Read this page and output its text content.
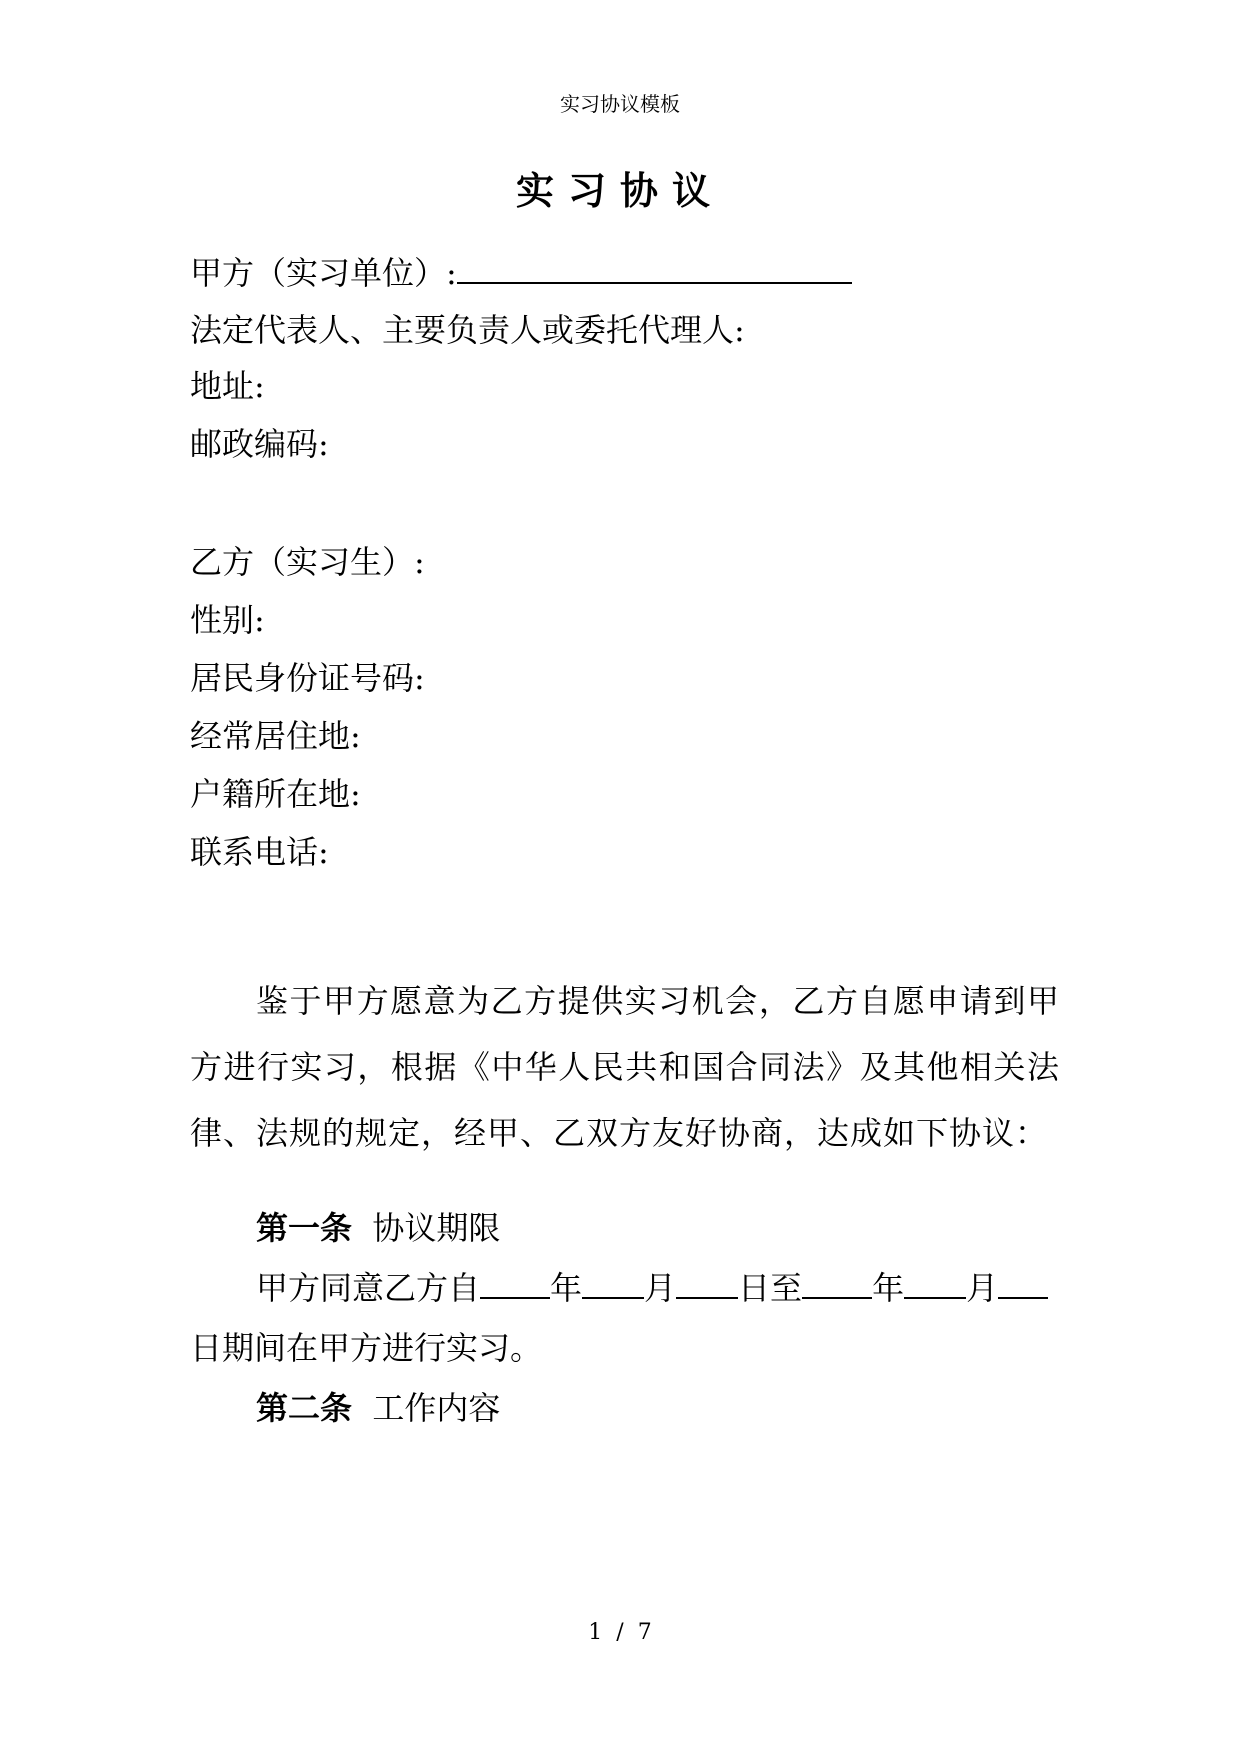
实习协议模板
实习协议
甲方（实习单位）:
法定代表人、主要负责人或委托代理人:
地址:
邮政编码:
乙方（实习生）:
性别:
居民身份证号码:
经常居住地:
户籍所在地:
联系电话:

鉴于甲方愿意为乙方提供实习机会，乙方自愿申请到甲方进行实习，根据《中华人民共和国合同法》及其他相关法律、法规的规定，经甲、乙双方友好协商，达成如下协议：

第一条 协议期限
甲方同意乙方自 年 月 日至 年 月
日期间在甲方进行实习。
第二条 工作内容
1 / 7
